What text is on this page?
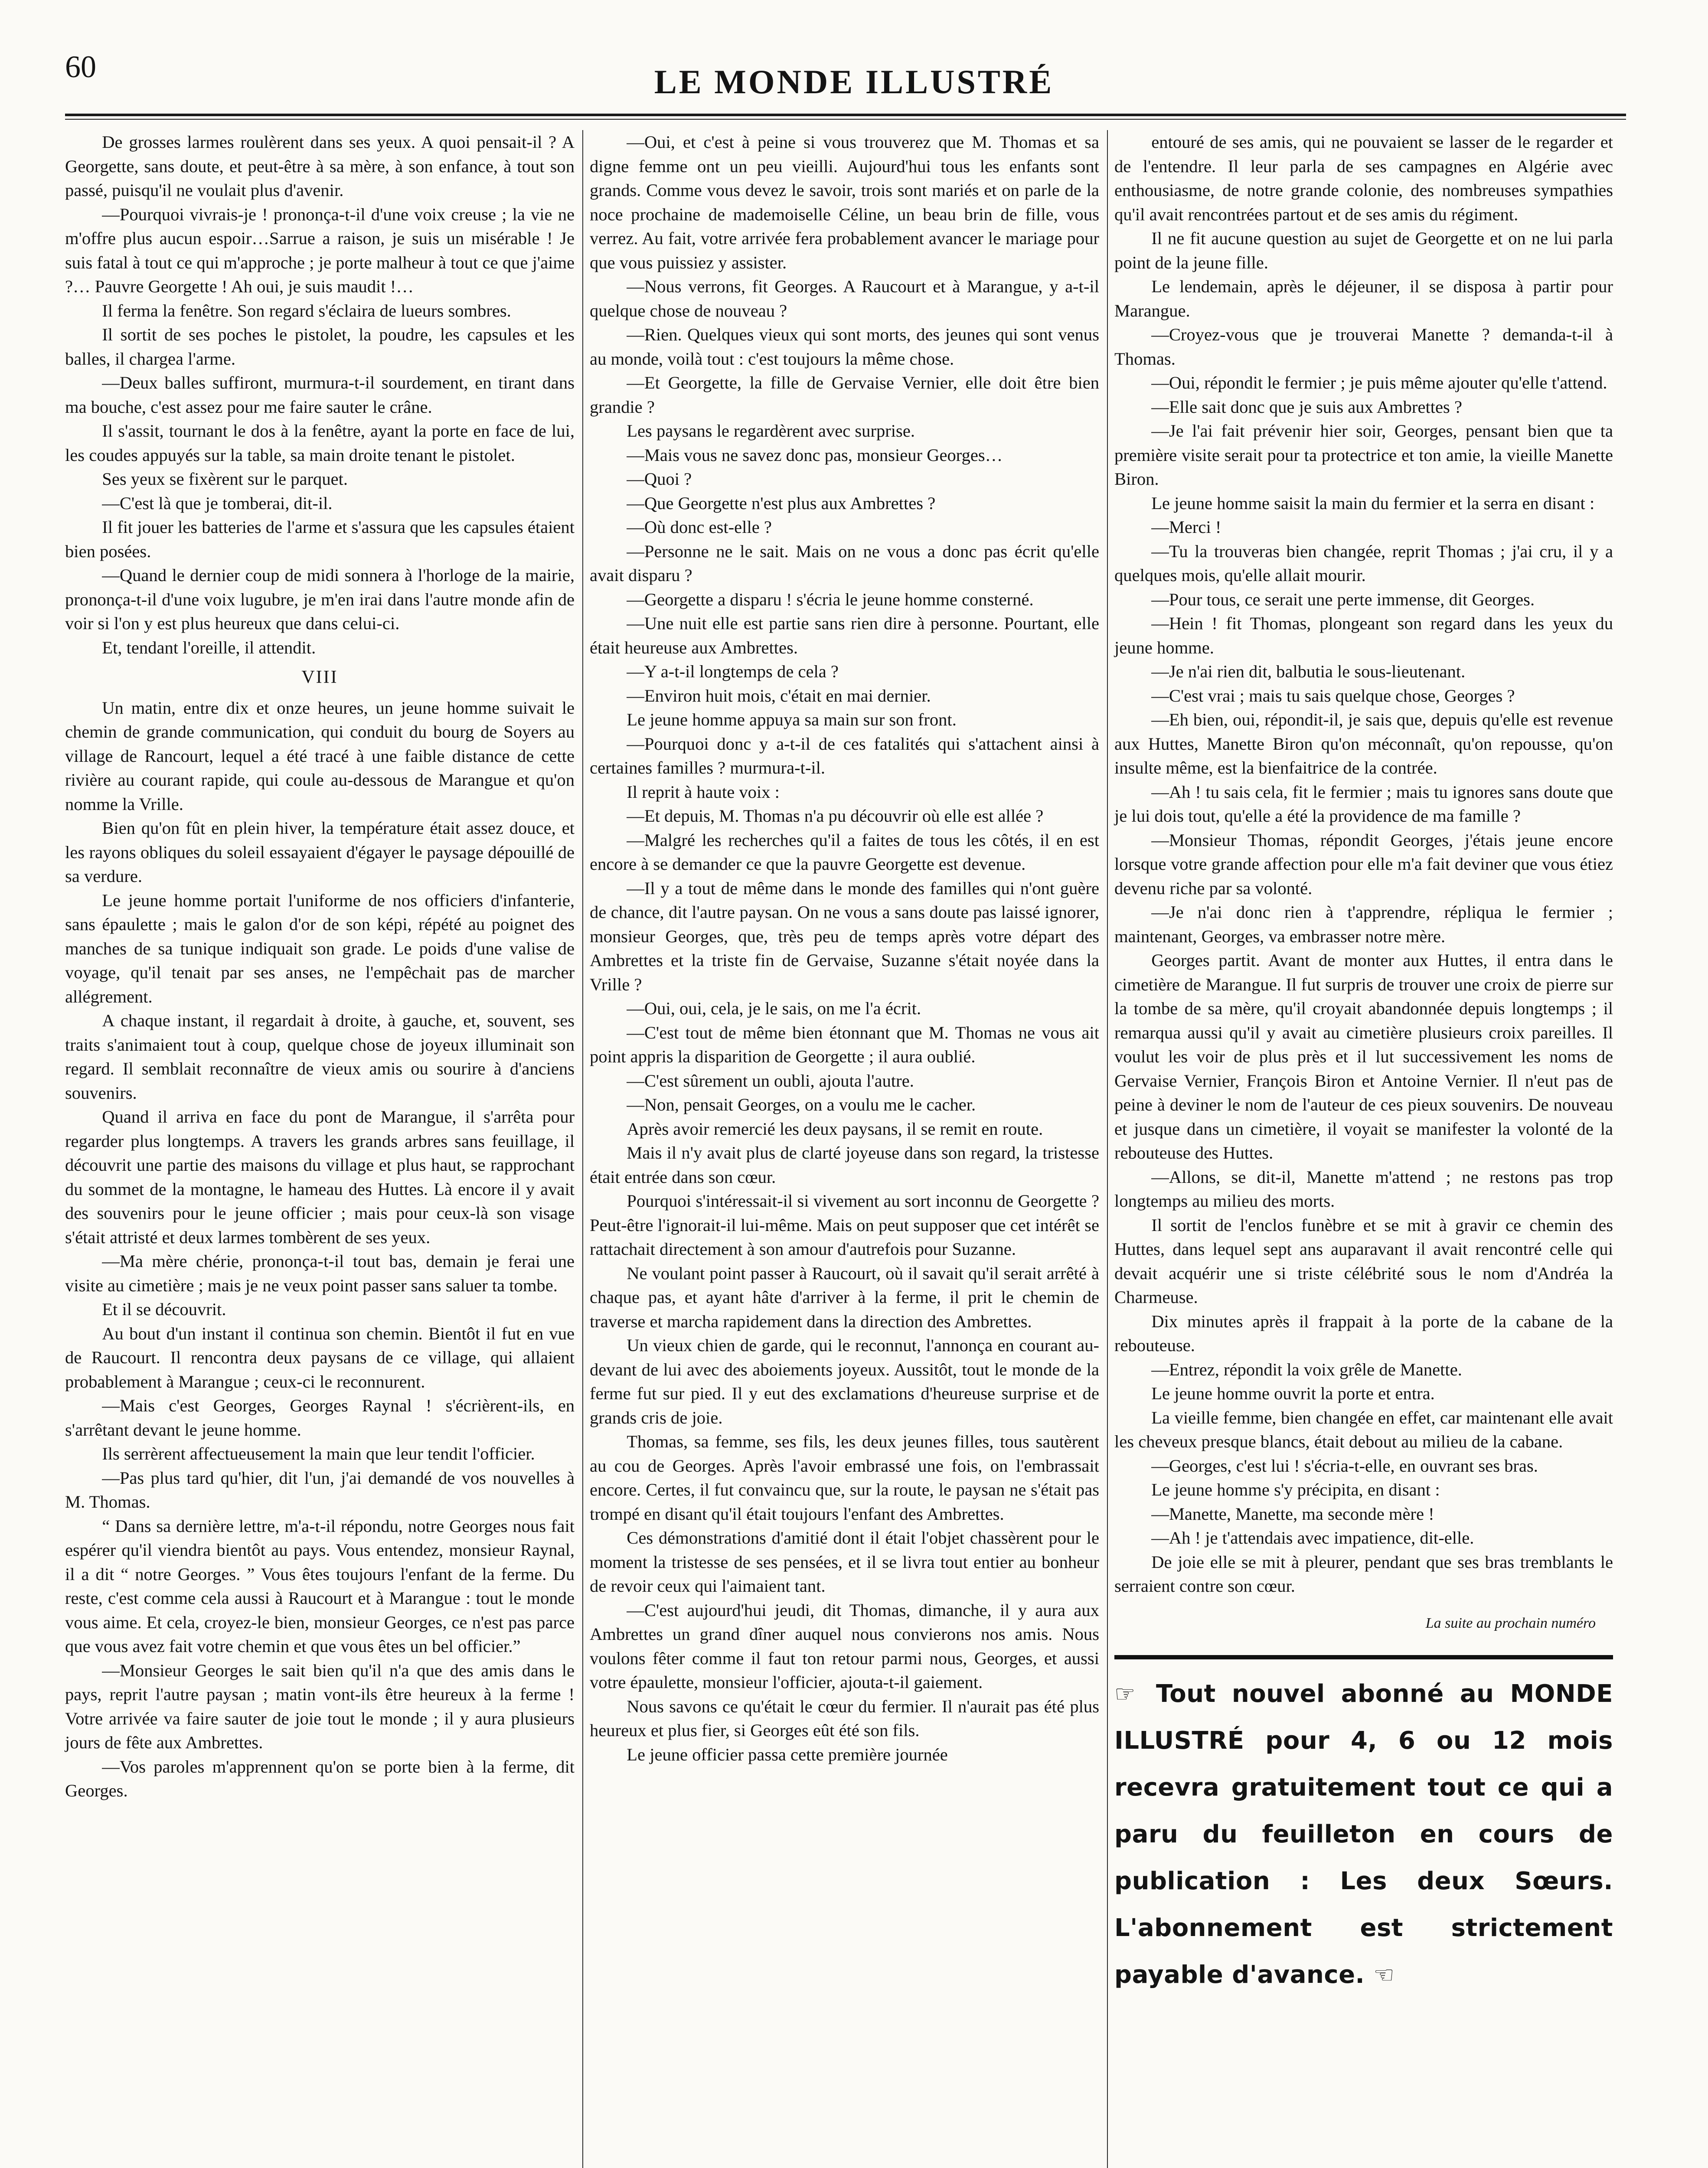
60	LE MONDE ILLUSTRÉ

De grosses larmes roulèrent dans ses yeux. A quoi pensait-il ? A Georgette, sans doute, et peut-être à sa mère, à son enfance, à tout son passé, puisqu'il ne voulait plus d'avenir.

—Pourquoi vivrais-je ! prononça-t-il d'une voix creuse ; la vie ne m'offre plus aucun espoir…Sarrue a raison, je suis un misérable ! Je suis fatal à tout ce qui m'approche ; je porte malheur à tout ce que j'aime ?… Pauvre Georgette ! Ah oui, je suis maudit !…

Il ferma la fenêtre. Son regard s'éclaira de lueurs sombres.

Il sortit de ses poches le pistolet, la poudre, les capsules et les balles, il chargea l'arme.

—Deux balles suffiront, murmura-t-il sourdement, en tirant dans ma bouche, c'est assez pour me faire sauter le crâne.

Il s'assit, tournant le dos à la fenêtre, ayant la porte en face de lui, les coudes appuyés sur la table, sa main droite tenant le pistolet.

Ses yeux se fixèrent sur le parquet.

—C'est là que je tomberai, dit-il.

Il fit jouer les batteries de l'arme et s'assura que les capsules étaient bien posées.

—Quand le dernier coup de midi sonnera à l'horloge de la mairie, prononça-t-il d'une voix lugubre, je m'en irai dans l'autre monde afin de voir si l'on y est plus heureux que dans celui-ci.

Et, tendant l'oreille, il attendit.

VIII

Un matin, entre dix et onze heures, un jeune homme suivait le chemin de grande communication, qui conduit du bourg de Soyers au village de Rancourt, lequel a été tracé à une faible distance de cette rivière au courant rapide, qui coule au-dessous de Marangue et qu'on nomme la Vrille.

Bien qu'on fût en plein hiver, la température était assez douce, et les rayons obliques du soleil essayaient d'égayer le paysage dépouillé de sa verdure.

Le jeune homme portait l'uniforme de nos officiers d'infanterie, sans épaulette ; mais le galon d'or de son képi, répété au poignet des manches de sa tunique indiquait son grade. Le poids d'une valise de voyage, qu'il tenait par ses anses, ne l'empêchait pas de marcher allégrement.

A chaque instant, il regardait à droite, à gauche, et, souvent, ses traits s'animaient tout à coup, quelque chose de joyeux illuminait son regard. Il semblait reconnaître de vieux amis ou sourire à d'anciens souvenirs.

Quand il arriva en face du pont de Marangue, il s'arrêta pour regarder plus longtemps. A travers les grands arbres sans feuillage, il découvrit une partie des maisons du village et plus haut, se rapprochant du sommet de la montagne, le hameau des Huttes. Là encore il y avait des souvenirs pour le jeune officier ; mais pour ceux-là son visage s'était attristé et deux larmes tombèrent de ses yeux.

—Ma mère chérie, prononça-t-il tout bas, demain je ferai une visite au cimetière ; mais je ne veux point passer sans saluer ta tombe.

Et il se découvrit.

Au bout d'un instant il continua son chemin. Bientôt il fut en vue de Raucourt. Il rencontra deux paysans de ce village, qui allaient probablement à Marangue ; ceux-ci le reconnurent.

—Mais c'est Georges, Georges Raynal ! s'écrièrent-ils, en s'arrêtant devant le jeune homme.

Ils serrèrent affectueusement la main que leur tendit l'officier.

—Pas plus tard qu'hier, dit l'un, j'ai demandé de vos nouvelles à M. Thomas.

“ Dans sa dernière lettre, m'a-t-il répondu, notre Georges nous fait espérer qu'il viendra bientôt au pays. Vous entendez, monsieur Raynal, il a dit “ notre Georges. ” Vous êtes toujours l'enfant de la ferme. Du reste, c'est comme cela aussi à Raucourt et à Marangue : tout le monde vous aime. Et cela, croyez-le bien, monsieur Georges, ce n'est pas parce que vous avez fait votre chemin et que vous êtes un bel officier.”

—Monsieur Georges le sait bien qu'il n'a que des amis dans le pays, reprit l'autre paysan ; matin vont-ils être heureux à la ferme ! Votre arrivée va faire sauter de joie tout le monde ; il y aura plusieurs jours de fête aux Ambrettes.

—Vos paroles m'apprennent qu'on se porte bien à la ferme, dit Georges.

—Oui, et c'est à peine si vous trouverez que M. Thomas et sa digne femme ont un peu vieilli. Aujourd'hui tous les enfants sont grands. Comme vous devez le savoir, trois sont mariés et on parle de la noce prochaine de mademoiselle Céline, un beau brin de fille, vous verrez. Au fait, votre arrivée fera probablement avancer le mariage pour que vous puissiez y assister.

—Nous verrons, fit Georges. A Raucourt et à Marangue, y a-t-il quelque chose de nouveau ?

—Rien. Quelques vieux qui sont morts, des jeunes qui sont venus au monde, voilà tout : c'est toujours la même chose.

—Et Georgette, la fille de Gervaise Vernier, elle doit être bien grandie ?

Les paysans le regardèrent avec surprise.

—Mais vous ne savez donc pas, monsieur Georges…

—Quoi ?

—Que Georgette n'est plus aux Ambrettes ?

—Où donc est-elle ?

—Personne ne le sait. Mais on ne vous a donc pas écrit qu'elle avait disparu ?

—Georgette a disparu ! s'écria le jeune homme consterné.

—Une nuit elle est partie sans rien dire à personne. Pourtant, elle était heureuse aux Ambrettes.

—Y a-t-il longtemps de cela ?

—Environ huit mois, c'était en mai dernier.

Le jeune homme appuya sa main sur son front.

—Pourquoi donc y a-t-il de ces fatalités qui s'attachent ainsi à certaines familles ? murmura-t-il.

Il reprit à haute voix :

—Et depuis, M. Thomas n'a pu découvrir où elle est allée ?

—Malgré les recherches qu'il a faites de tous les côtés, il en est encore à se demander ce que la pauvre Georgette est devenue.

—Il y a tout de même dans le monde des familles qui n'ont guère de chance, dit l'autre paysan. On ne vous a sans doute pas laissé ignorer, monsieur Georges, que, très peu de temps après votre départ des Ambrettes et la triste fin de Gervaise, Suzanne s'était noyée dans la Vrille ?

—Oui, oui, cela, je le sais, on me l'a écrit.

—C'est tout de même bien étonnant que M. Thomas ne vous ait point appris la disparition de Georgette ; il aura oublié.

—C'est sûrement un oubli, ajouta l'autre.

—Non, pensait Georges, on a voulu me le cacher.

Après avoir remercié les deux paysans, il se remit en route.

Mais il n'y avait plus de clarté joyeuse dans son regard, la tristesse était entrée dans son cœur.

Pourquoi s'intéressait-il si vivement au sort inconnu de Georgette ? Peut-être l'ignorait-il lui-même. Mais on peut supposer que cet intérêt se rattachait directement à son amour d'autrefois pour Suzanne.

Ne voulant point passer à Raucourt, où il savait qu'il serait arrêté à chaque pas, et ayant hâte d'arriver à la ferme, il prit le chemin de traverse et marcha rapidement dans la direction des Ambrettes.

Un vieux chien de garde, qui le reconnut, l'annonça en courant au-devant de lui avec des aboiements joyeux. Aussitôt, tout le monde de la ferme fut sur pied. Il y eut des exclamations d'heureuse surprise et de grands cris de joie.

Thomas, sa femme, ses fils, les deux jeunes filles, tous sautèrent au cou de Georges. Après l'avoir embrassé une fois, on l'embrassait encore. Certes, il fut convaincu que, sur la route, le paysan ne s'était pas trompé en disant qu'il était toujours l'enfant des Ambrettes.

Ces démonstrations d'amitié dont il était l'objet chassèrent pour le moment la tristesse de ses pensées, et il se livra tout entier au bonheur de revoir ceux qui l'aimaient tant.

—C'est aujourd'hui jeudi, dit Thomas, dimanche, il y aura aux Ambrettes un grand dîner auquel nous convierons nos amis. Nous voulons fêter comme il faut ton retour parmi nous, Georges, et aussi votre épaulette, monsieur l'officier, ajouta-t-il gaiement.

Nous savons ce qu'était le cœur du fermier. Il n'aurait pas été plus heureux et plus fier, si Georges eût été son fils.

Le jeune officier passa cette première journée

entouré de ses amis, qui ne pouvaient se lasser de le regarder et de l'entendre. Il leur parla de ses campagnes en Algérie avec enthousiasme, de notre grande colonie, des nombreuses sympathies qu'il avait rencontrées partout et de ses amis du régiment.

Il ne fit aucune question au sujet de Georgette et on ne lui parla point de la jeune fille.

Le lendemain, après le déjeuner, il se disposa à partir pour Marangue.

—Croyez-vous que je trouverai Manette ? demanda-t-il à Thomas.

—Oui, répondit le fermier ; je puis même ajouter qu'elle t'attend.

—Elle sait donc que je suis aux Ambrettes ?

—Je l'ai fait prévenir hier soir, Georges, pensant bien que ta première visite serait pour ta protectrice et ton amie, la vieille Manette Biron.

Le jeune homme saisit la main du fermier et la serra en disant :

—Merci !

—Tu la trouveras bien changée, reprit Thomas ; j'ai cru, il y a quelques mois, qu'elle allait mourir.

—Pour tous, ce serait une perte immense, dit Georges.

—Hein ! fit Thomas, plongeant son regard dans les yeux du jeune homme.

—Je n'ai rien dit, balbutia le sous-lieutenant.

—C'est vrai ; mais tu sais quelque chose, Georges ?

—Eh bien, oui, répondit-il, je sais que, depuis qu'elle est revenue aux Huttes, Manette Biron qu'on méconnaît, qu'on repousse, qu'on insulte même, est la bienfaitrice de la contrée.

—Ah ! tu sais cela, fit le fermier ; mais tu ignores sans doute que je lui dois tout, qu'elle a été la providence de ma famille ?

—Monsieur Thomas, répondit Georges, j'étais jeune encore lorsque votre grande affection pour elle m'a fait deviner que vous étiez devenu riche par sa volonté.

—Je n'ai donc rien à t'apprendre, répliqua le fermier ; maintenant, Georges, va embrasser notre mère.

Georges partit. Avant de monter aux Huttes, il entra dans le cimetière de Marangue. Il fut surpris de trouver une croix de pierre sur la tombe de sa mère, qu'il croyait abandonnée depuis longtemps ; il remarqua aussi qu'il y avait au cimetière plusieurs croix pareilles. Il voulut les voir de plus près et il lut successivement les noms de Gervaise Vernier, François Biron et Antoine Vernier. Il n'eut pas de peine à deviner le nom de l'auteur de ces pieux souvenirs. De nouveau et jusque dans un cimetière, il voyait se manifester la volonté de la rebouteuse des Huttes.

—Allons, se dit-il, Manette m'attend ; ne restons pas trop longtemps au milieu des morts.

Il sortit de l'enclos funèbre et se mit à gravir ce chemin des Huttes, dans lequel sept ans auparavant il avait rencontré celle qui devait acquérir une si triste célébrité sous le nom d'Andréa la Charmeuse.

Dix minutes après il frappait à la porte de la cabane de la rebouteuse.

—Entrez, répondit la voix grêle de Manette.

Le jeune homme ouvrit la porte et entra.

La vieille femme, bien changée en effet, car maintenant elle avait les cheveux presque blancs, était debout au milieu de la cabane.

—Georges, c'est lui ! s'écria-t-elle, en ouvrant ses bras.

Le jeune homme s'y précipita, en disant :

—Manette, Manette, ma seconde mère !

—Ah ! je t'attendais avec impatience, dit-elle.

De joie elle se mit à pleurer, pendant que ses bras tremblants le serraient contre son cœur.

La suite au prochain numéro
☞ Tout nouvel abonné au MONDE ILLUSTRÉ pour 4, 6 ou 12 mois recevra gratuitement tout ce qui a paru du feuilleton en cours de publication : Les deux Sœurs. L'abonnement est strictement payable d'avance. ☜
